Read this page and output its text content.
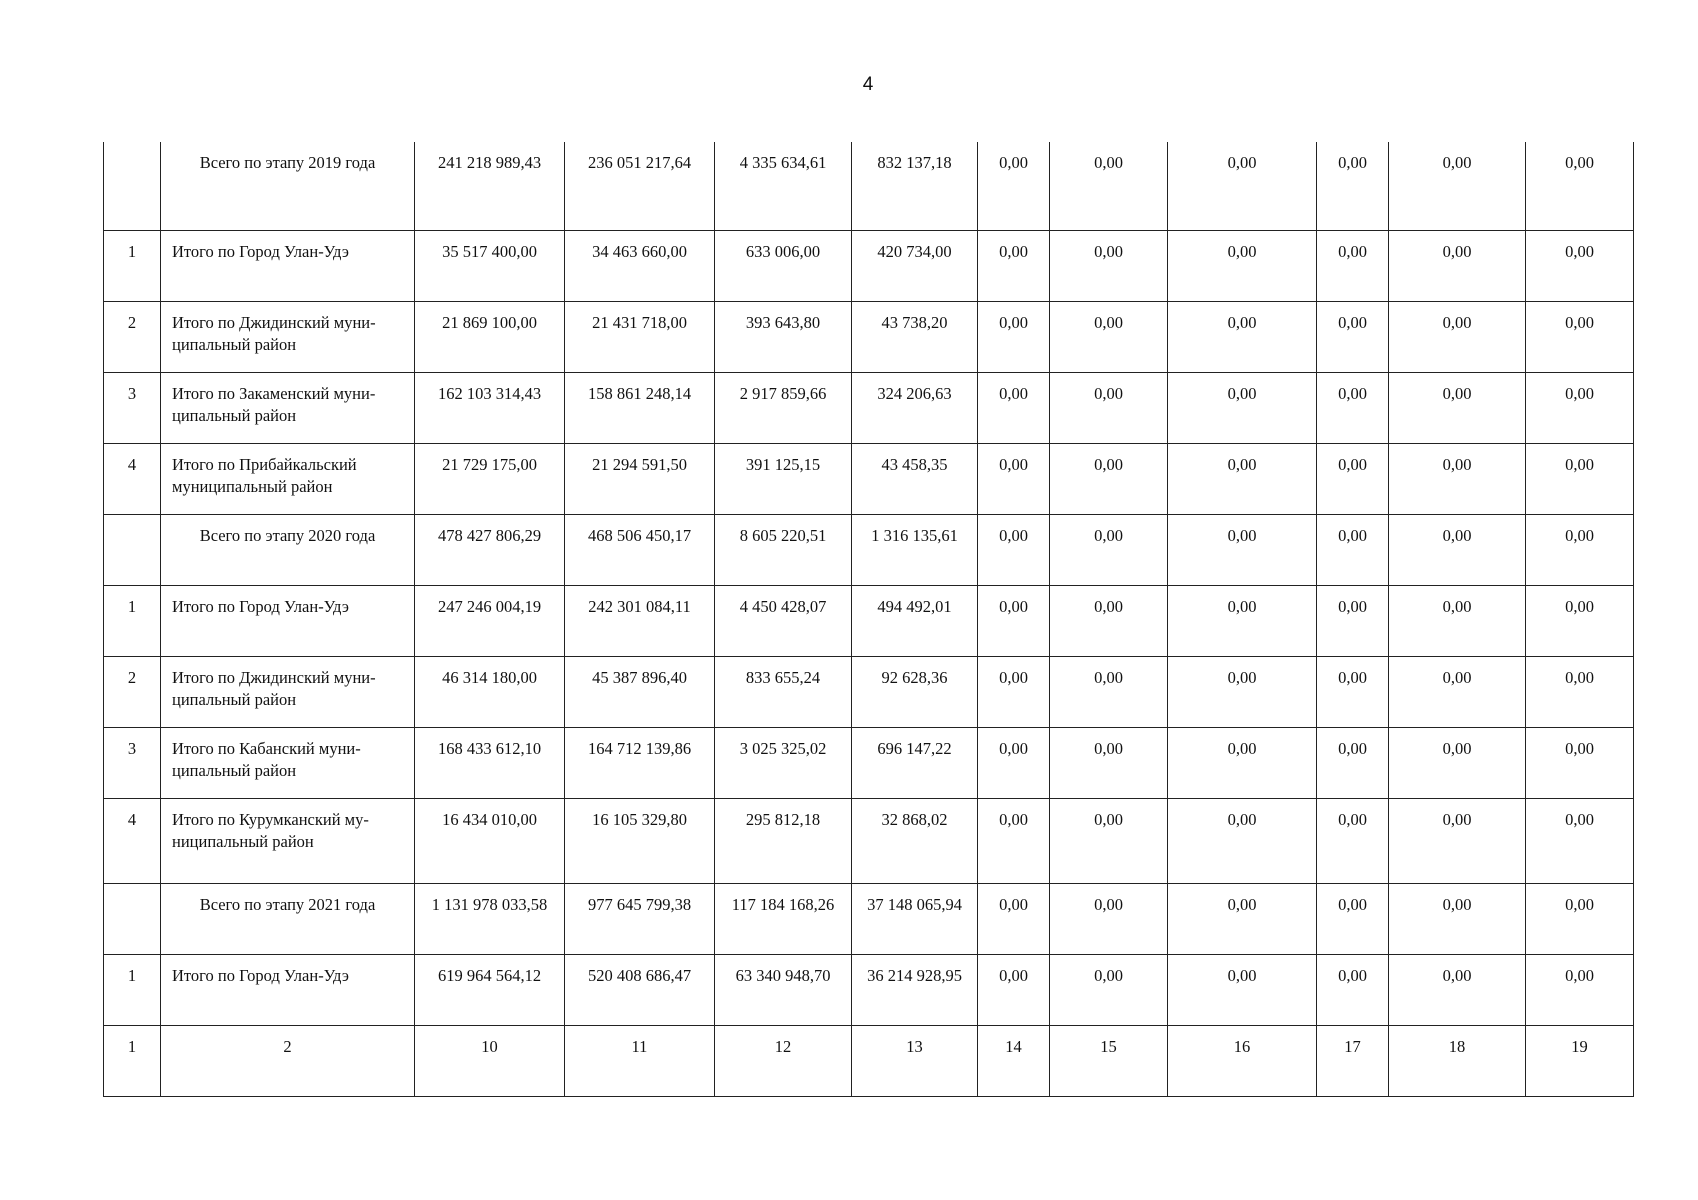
4
	Всего по этапу 2019 года	241 218 989,43	236 051 217,64	4 335 634,61	832 137,18	0,00	0,00	0,00	0,00	0,00	0,00
1	Итого по Город Улан-Удэ	35 517 400,00	34 463 660,00	633 006,00	420 734,00	0,00	0,00	0,00	0,00	0,00	0,00
2	Итого по Джидинский муни-ципальный район	21 869 100,00	21 431 718,00	393 643,80	43 738,20	0,00	0,00	0,00	0,00	0,00	0,00
3	Итого по Закаменский муни-ципальный район	162 103 314,43	158 861 248,14	2 917 859,66	324 206,63	0,00	0,00	0,00	0,00	0,00	0,00
4	Итого по Прибайкальский муниципальный район	21 729 175,00	21 294 591,50	391 125,15	43 458,35	0,00	0,00	0,00	0,00	0,00	0,00
	Всего по этапу 2020 года	478 427 806,29	468 506 450,17	8 605 220,51	1 316 135,61	0,00	0,00	0,00	0,00	0,00	0,00
1	Итого по Город Улан-Удэ	247 246 004,19	242 301 084,11	4 450 428,07	494 492,01	0,00	0,00	0,00	0,00	0,00	0,00
2	Итого по Джидинский муни-ципальный район	46 314 180,00	45 387 896,40	833 655,24	92 628,36	0,00	0,00	0,00	0,00	0,00	0,00
3	Итого по Кабанский муни-ципальный район	168 433 612,10	164 712 139,86	3 025 325,02	696 147,22	0,00	0,00	0,00	0,00	0,00	0,00
4	Итого по Курумканский му-ниципальный район	16 434 010,00	16 105 329,80	295 812,18	32 868,02	0,00	0,00	0,00	0,00	0,00	0,00
	Всего по этапу 2021 года	1 131 978 033,58	977 645 799,38	117 184 168,26	37 148 065,94	0,00	0,00	0,00	0,00	0,00	0,00
1	Итого по Город Улан-Удэ	619 964 564,12	520 408 686,47	63 340 948,70	36 214 928,95	0,00	0,00	0,00	0,00	0,00	0,00
1	2	10	11	12	13	14	15	16	17	18	19
